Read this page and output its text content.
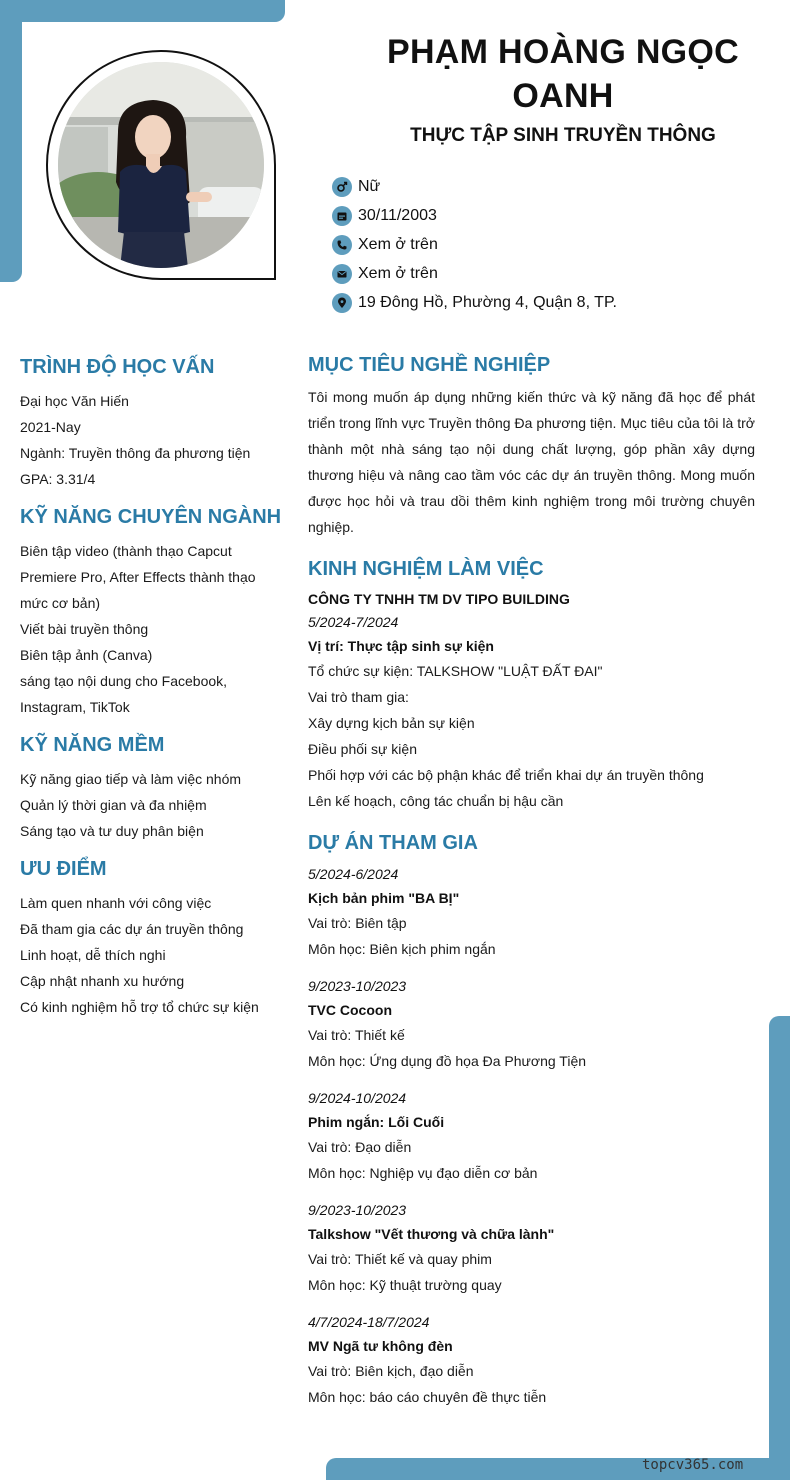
PHẠM HOÀNG NGỌC OANH
THỰC TẬP SINH TRUYỀN THÔNG
Nữ
30/11/2003
Xem ở trên
Xem ở trên
19 Đông Hồ, Phường 4, Quận 8, TP.
TRÌNH ĐỘ HỌC VẤN
Đại học Văn Hiến
2021-Nay
Ngành: Truyền thông đa phương tiện
GPA: 3.31/4
KỸ NĂNG CHUYÊN NGÀNH
Biên tập video (thành thạo Capcut Premiere Pro, After Effects thành thạo mức cơ bản)
Viết bài truyền thông
Biên tập ảnh (Canva)
sáng tạo nội dung cho Facebook, Instagram, TikTok
KỸ NĂNG MỀM
Kỹ năng giao tiếp và làm việc nhóm
Quản lý thời gian và đa nhiệm
Sáng tạo và tư duy phân biện
ƯU ĐIỂM
Làm quen nhanh với công việc
Đã tham gia các dự án truyền thông
Linh hoạt, dễ thích nghi
Cập nhật nhanh xu hướng
Có kinh nghiệm hỗ trợ tổ chức sự kiện
MỤC TIÊU NGHỀ NGHIỆP
Tôi mong muốn áp dụng những kiến thức và kỹ năng đã học để phát triển trong lĩnh vực Truyền thông Đa phương tiện. Mục tiêu của tôi là trở thành một nhà sáng tạo nội dung chất lượng, góp phần xây dựng thương hiệu và nâng cao tầm vóc các dự án truyền thông. Mong muốn được học hỏi và trau dồi thêm kinh nghiệm trong môi trường chuyên nghiệp.
KINH NGHIỆM LÀM VIỆC
CÔNG TY TNHH TM DV TIPO BUILDING
5/2024-7/2024
Vị trí: Thực tập sinh sự kiện
Tổ chức sự kiện: TALKSHOW "LUẬT ĐẤT ĐAI"
Vai trò tham gia:
Xây dựng kịch bản sự kiện
Điều phối sự kiện
Phối hợp với các bộ phận khác để triển khai dự án truyền thông
Lên kế hoạch, công tác chuẩn bị hậu cần
DỰ ÁN THAM GIA
5/2024-6/2024
Kịch bản phim "BA BỊ"
Vai trò: Biên tập
Môn học: Biên kịch phim ngắn
9/2023-10/2023
TVC Cocoon
Vai trò: Thiết kế
Môn học: Ứng dụng đồ họa Đa Phương Tiện
9/2024-10/2024
Phim ngắn: Lối Cuối
Vai trò: Đạo diễn
Môn học: Nghiệp vụ đạo diễn cơ bản
9/2023-10/2023
Talkshow "Vết thương và chữa lành"
Vai trò: Thiết kế và quay phim
Môn học: Kỹ thuật trường quay
4/7/2024-18/7/2024
MV Ngã tư không đèn
Vai trò: Biên kịch, đạo diễn
Môn học: báo cáo chuyên đề thực tiễn
topcv365.com
